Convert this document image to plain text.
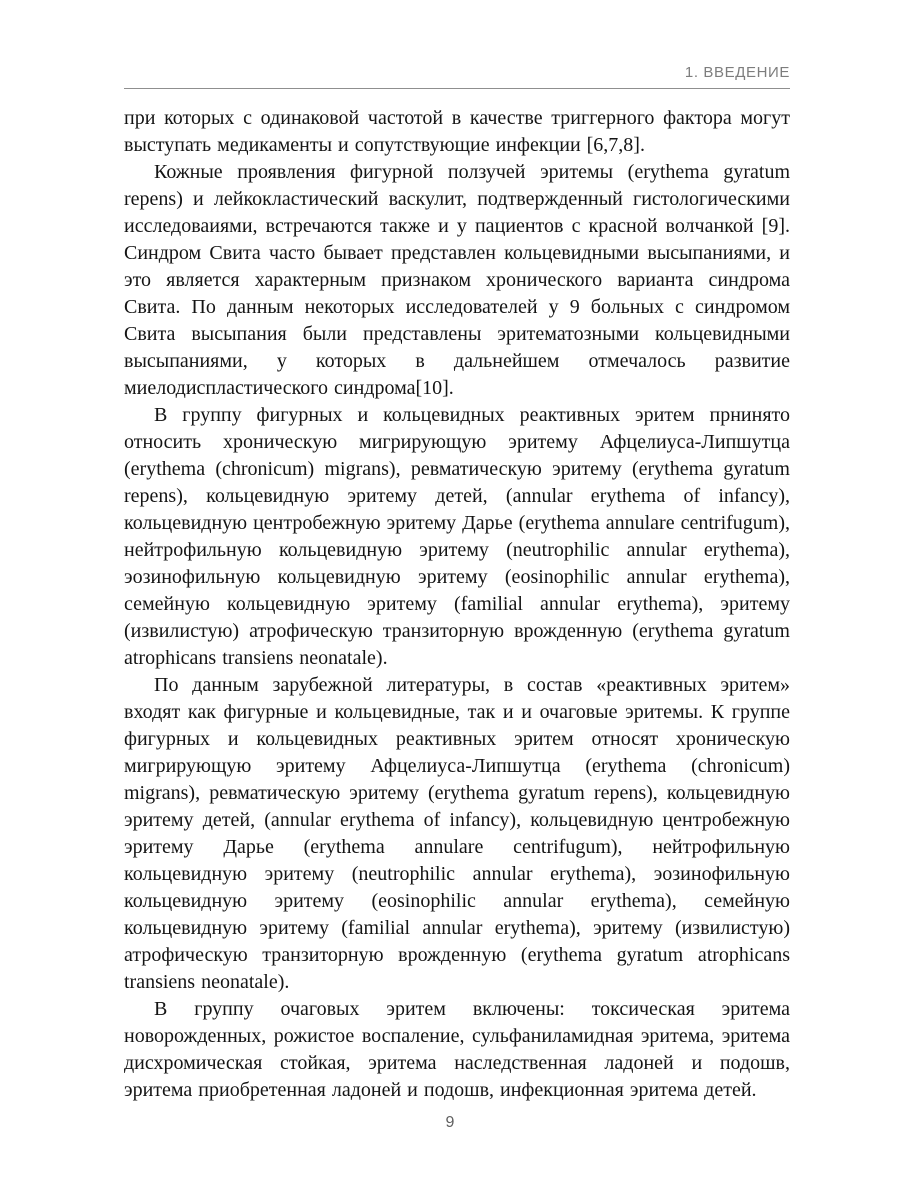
1. ВВЕДЕНИЕ

при которых с одинаковой частотой в качестве триггерного фактора могут выступать медикаменты и сопутствующие инфекции [6,7,8].

Кожные проявления фигурной ползучей эритемы (erythema gyratum repens) и лейкокластический васкулит, подтвержденный гистологическими исследоваиями, встречаются также и у пациентов с красной волчанкой [9]. Синдром Свита часто бывает представлен кольцевидными высыпаниями, и это является характерным признаком хронического варианта синдрома Свита. По данным некоторых исследователей у 9 больных с синдромом Свита высыпания были представлены эритематозными кольцевидными высыпаниями, у которых в дальнейшем отмечалось развитие миелодиспластического синдрома[10].

В группу фигурных и кольцевидных реактивных эритем прнинято относить хроническую мигрирующую эритему Афцелиуса-Липшутца (erythema (chronicum) migrans), ревматическую эритему (erythema gyratum repens), кольцевидную эритему детей, (annular erythema of infancy), кольцевидную центробежную эритему Дарье (erythema annulare centrifugum), нейтрофильную кольцевидную эритему (neutrophilic annular erythema), эозинофильную кольцевидную эритему (eosinophilic annular erythema), семейную кольцевидную эритему (familial annular erythema), эритему (извилистую) атрофическую транзиторную врожденную (erythema gyratum atrophicans transiens neonatale).

По данным зарубежной литературы, в состав «реактивных эритем» входят как фигурные и кольцевидные, так и и очаговые эритемы. К группе фигурных и кольцевидных реактивных эритем относят хроническую мигрирующую эритему Афцелиуса-Липшутца (erythema (chronicum) migrans), ревматическую эритему (erythema gyratum repens), кольцевидную эритему детей, (annular erythema of infancy), кольцевидную центробежную эритему Дарье (erythema annulare centrifugum), нейтрофильную кольцевидную эритему (neutrophilic annular erythema), эозинофильную кольцевидную эритему (eosinophilic annular erythema), семейную кольцевидную эритему (familial annular erythema), эритему (извилистую) атрофическую транзиторную врожденную (erythema gyratum atrophicans transiens neonatale).

В группу очаговых эритем включены: токсическая эритема новорожденных, рожистое воспаление, сульфаниламидная эритема, эритема дисхромическая стойкая, эритема наследственная ладоней и подошв, эритема приобретенная ладоней и подошв, инфекционная эритема детей.

9
